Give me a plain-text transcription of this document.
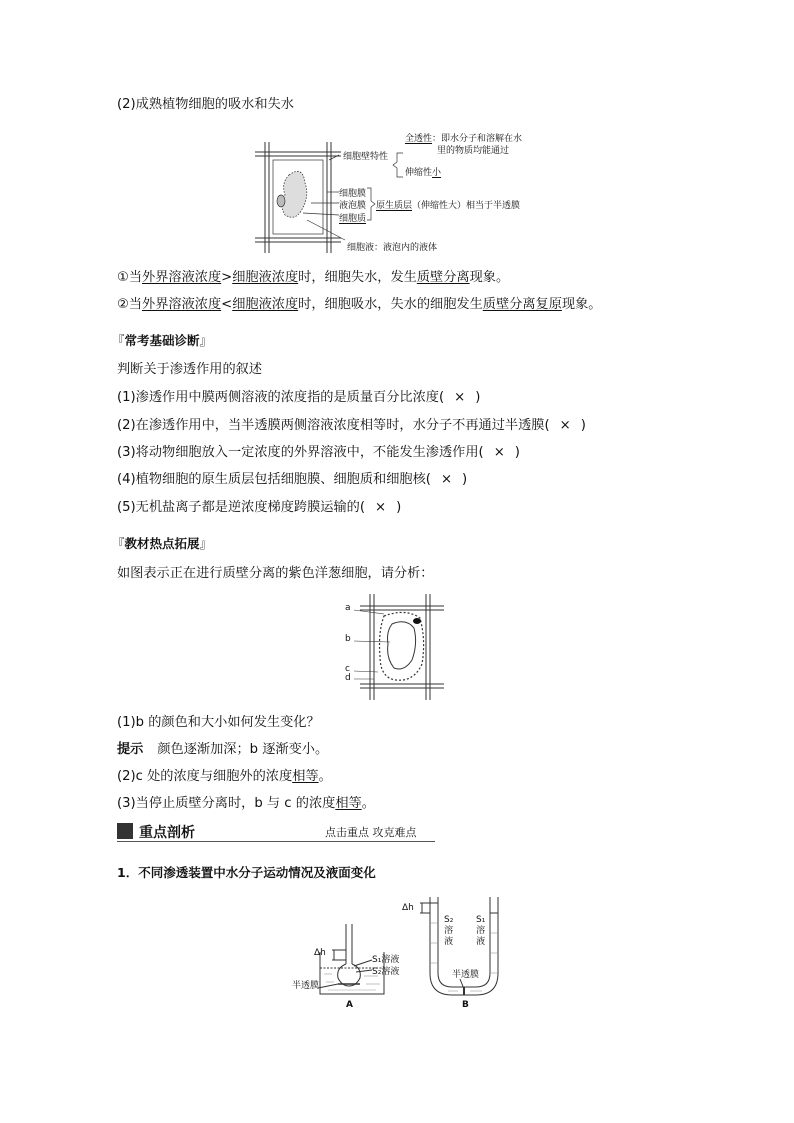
(2)成熟植物细胞的吸水和失水
细胞壁特性
全透性：即水分子和溶解在水
里的物质均能通过
伸缩性小
细胞膜
液泡膜
细胞质
原生质层（伸缩性大）相当于半透膜
细胞液：液泡内的液体
①当外界溶液浓度>细胞液浓度时，细胞失水，发生质壁分离现象。
②当外界溶液浓度<细胞液浓度时，细胞吸水，失水的细胞发生质壁分离复原现象。
『 常考基础诊断 』
判断关于渗透作用的叙述
(1)渗透作用中膜两侧溶液的浓度指的是质量百分比浓度( × )
(2)在渗透作用中，当半透膜两侧溶液浓度相等时，水分子不再通过半透膜( × )
(3)将动物细胞放入一定浓度的外界溶液中，不能发生渗透作用( × )
(4)植物细胞的原生质层包括细胞膜、细胞质和细胞核( × )
(5)无机盐离子都是逆浓度梯度跨膜运输的( × )
『 教材热点拓展 』
如图表示正在进行质壁分离的紫色洋葱细胞，请分析：
a
b
c
d
(1)b 的颜色和大小如何发生变化？
提示 颜色逐渐加深；b 逐渐变小。
(2)c 处的浓度与细胞外的浓度相等。
(3)当停止质壁分离时，b 与 c 的浓度相等。
重点剖析	点击重点 攻克难点
1．不同渗透装置中水分子运动情况及液面变化
Δh
S₁溶液
S₂溶液
半透膜
A
Δh
S₂
溶
液
S₁
溶
液
半透膜
B
